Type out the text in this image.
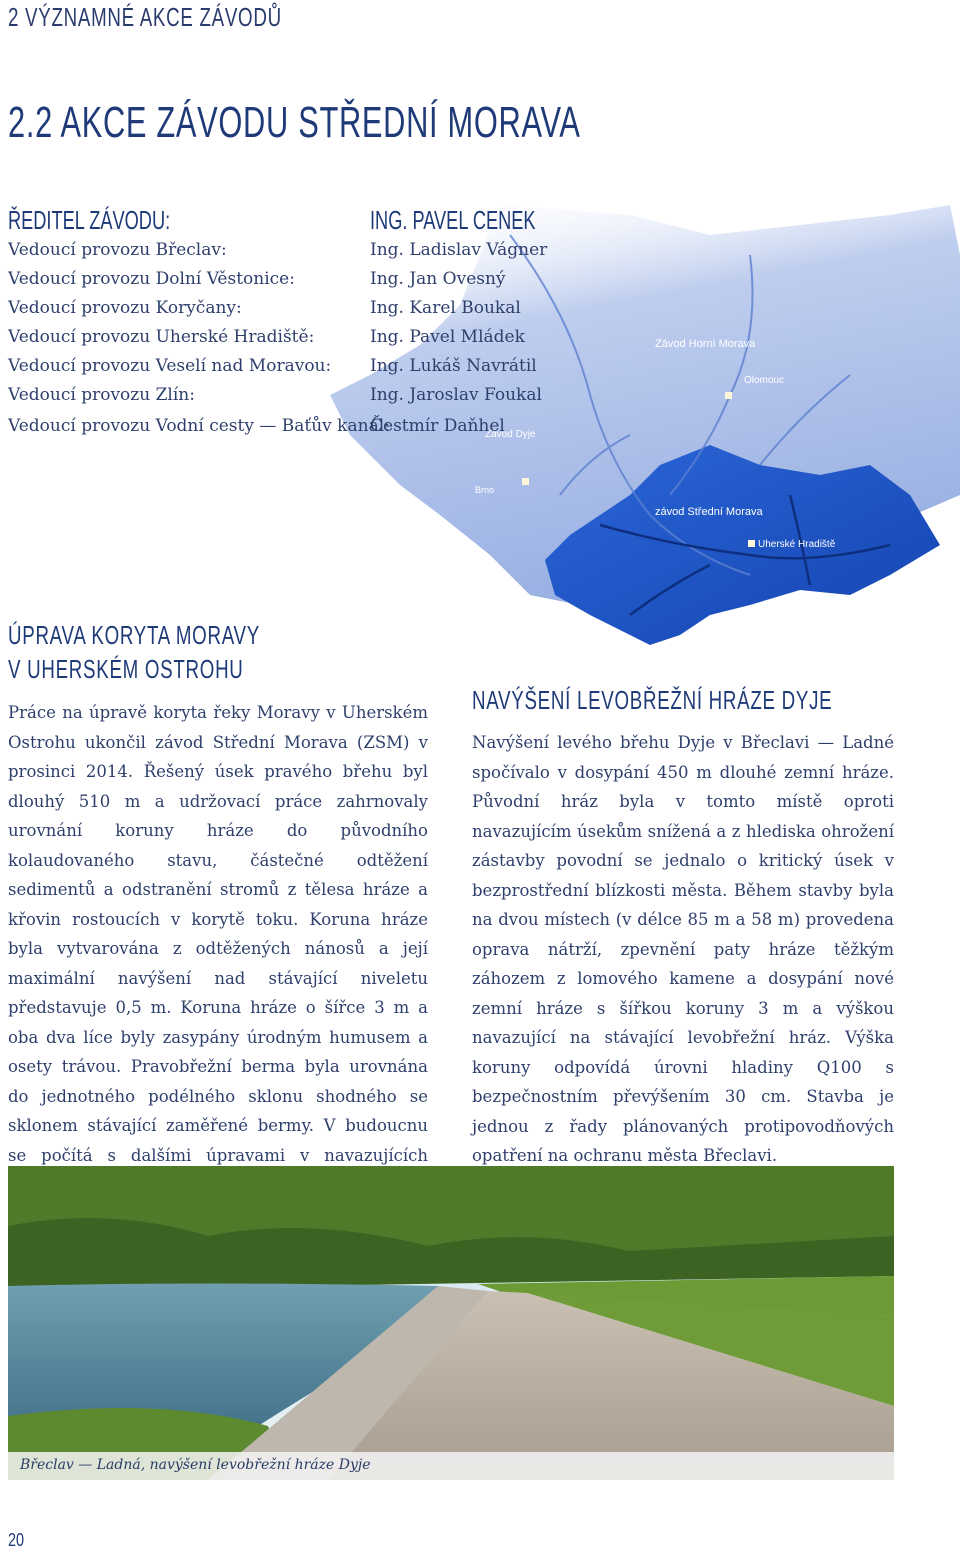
2 VÝZNAMNÉ AKCE ZÁVODŮ
2.2 AKCE ZÁVODU STŘEDNÍ MORAVA
Závod Horní Morava
Olomouc
Závod Dyje
Brno
závod Střední Morava
Uherské Hradiště
ŘEDITEL ZÁVODU:	ING. PAVEL CENEK
Vedoucí provozu Břeclav:	Ing. Ladislav Vágner
Vedoucí provozu Dolní Věstonice:	Ing. Jan Ovesný
Vedoucí provozu Koryčany:	Ing. Karel Boukal
Vedoucí provozu Uherské Hradiště:	Ing. Pavel Mládek
Vedoucí provozu Veselí nad Moravou: Ing. Lukáš Navrátil
Vedoucí provozu Zlín:	Ing. Jaroslav Foukal
Vedoucí provozu Vodní cesty — Baťův kanál:
Čestmír Daňhel
ÚPRAVA KORYTA MORAVY
V UHERSKÉM OSTROHU
Práce na úpravě koryta řeky Moravy v Uherském Ostrohu ukončil závod Střední Morava (ZSM) v prosinci 2014. Řešený úsek pravého břehu byl dlouhý 510 m a udržovací práce zahrnovaly urovnání koruny hráze do původního kolaudovaného stavu, částečné odtěžení sedimentů a odstranění stromů z tělesa hráze a křovin rostoucích v korytě toku. Koruna hráze byla vytvarována z odtěžených nánosů a její maximální navýšení nad stávající niveletu představuje 0,5 m. Koruna hráze o šířce 3 m a oba dva líce byly zasypány úrodným humusem a osety trávou. Pravobřežní berma byla urovnána do jednotného podélného sklonu shodného se sklonem stávající zaměřené bermy. V budoucnu se počítá s dalšími úpravami v navazujících
NAVÝŠENÍ LEVOBŘEŽNÍ HRÁZE DYJE
Navýšení levého břehu Dyje v Břeclavi — Ladné spočívalo v dosypání 450 m dlouhé zemní hráze. Původní hráz byla v tomto místě oproti navazujícím úsekům snížená a z hlediska ohrožení zástavby povodní se jednalo o kritický úsek v bezprostřední blízkosti města. Během stavby byla na dvou místech (v délce 85 m a 58 m) provedena oprava nátrží, zpevnění paty hráze těžkým záhozem z lomového kamene a dosypání nové zemní hráze s šířkou koruny 3 m a výškou navazující na stávající levobřežní hráz. Výška koruny odpovídá úrovni hladiny Q100 s bezpečnostním převýšením 30 cm. Stavba je jednou z řady plánovaných protipovodňových opatření na ochranu města Břeclavi.
Břeclav — Ladná, navýšení levobřežní hráze Dyje
20
